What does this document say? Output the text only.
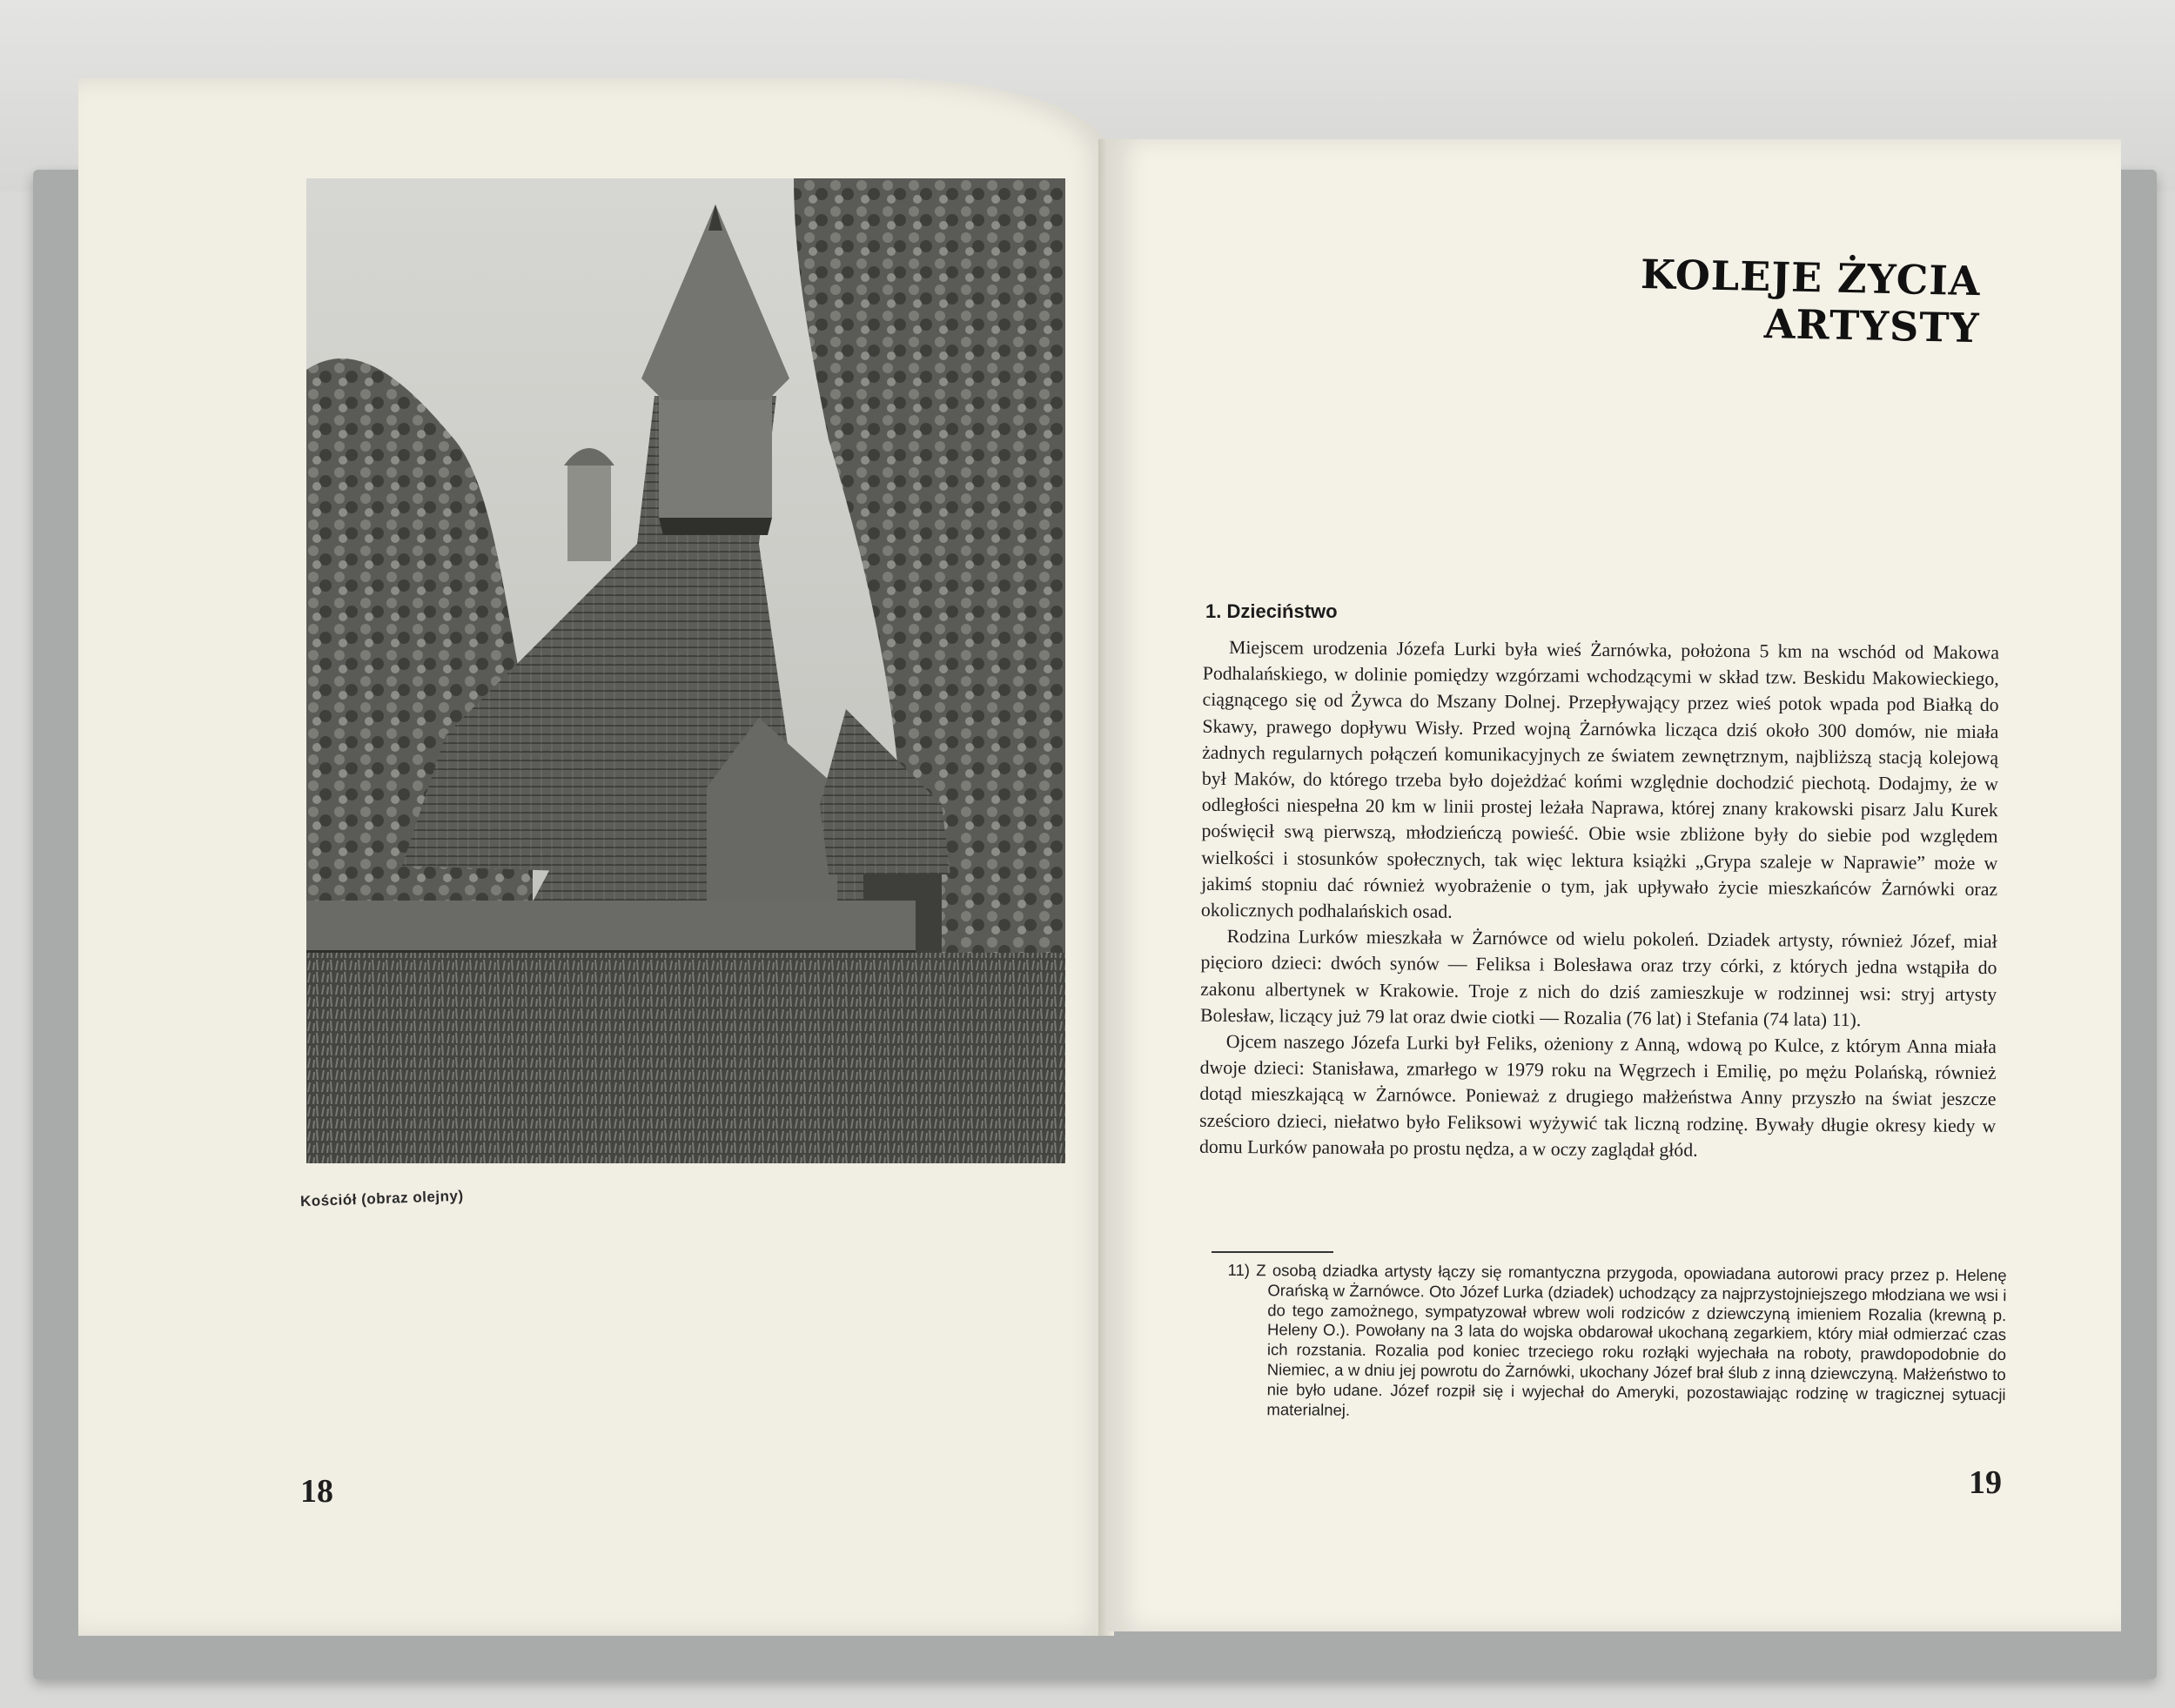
Kościół (obraz olejny)
18
KOLEJE ŻYCIA ARTYSTY
1. Dzieciństwo

Miejscem urodzenia Józefa Lurki była wieś Żarnówka, położona 5 km na wschód od Makowa Podhalańskiego, w dolinie pomiędzy wzgórzami wchodzącymi w skład tzw. Beskidu Makowieckiego, ciągnącego się od Żywca do Mszany Dolnej. Przepływający przez wieś potok wpada pod Białką do Skawy, prawego dopływu Wisły. Przed wojną Żarnówka licząca dziś około 300 domów, nie miała żadnych regularnych połączeń komunikacyjnych ze światem zewnętrznym, najbliższą stacją kolejową był Maków, do którego trzeba było dojeżdżać końmi względnie dochodzić piechotą. Dodajmy, że w odległości niespełna 20 km w linii prostej leżała Naprawa, której znany krakowski pisarz Jalu Kurek poświęcił swą pierwszą, młodzieńczą powieść. Obie wsie zbliżone były do siebie pod względem wielkości i stosunków społecznych, tak więc lektura książki „Grypa szaleje w Naprawie” może w jakimś stopniu dać również wyobrażenie o tym, jak upływało życie mieszkańców Żarnówki oraz okolicznych podhalańskich osad.

Rodzina Lurków mieszkała w Żarnówce od wielu pokoleń. Dziadek artysty, również Józef, miał pięcioro dzieci: dwóch synów — Feliksa i Bolesława oraz trzy córki, z których jedna wstąpiła do zakonu albertynek w Krakowie. Troje z nich do dziś zamieszkuje w rodzinnej wsi: stryj artysty Bolesław, liczący już 79 lat oraz dwie ciotki — Rozalia (76 lat) i Stefania (74 lata) 11).

Ojcem naszego Józefa Lurki był Feliks, ożeniony z Anną, wdową po Kulce, z którym Anna miała dwoje dzieci: Stanisława, zmarłego w 1979 roku na Węgrzech i Emilię, po mężu Polańską, również dotąd mieszkającą w Żarnówce. Ponieważ z drugiego małżeństwa Anny przyszło na świat jeszcze sześcioro dzieci, niełatwo było Feliksowi wyżywić tak liczną rodzinę. Bywały długie okresy kiedy w domu Lurków panowała po prostu nędza, a w oczy zaglądał głód.

11) Z osobą dziadka artysty łączy się romantyczna przygoda, opowiadana autorowi pracy przez p. Helenę Orańską w Żarnówce. Oto Józef Lurka (dziadek) uchodzący za najprzystojniejszego młodziana we wsi i do tego zamożnego, sympatyzował wbrew woli rodziców z dziewczyną imieniem Rozalia (krewną p. Heleny O.). Powołany na 3 lata do wojska obdarował ukochaną zegarkiem, który miał odmierzać czas ich rozstania. Rozalia pod koniec trzeciego roku rozłąki wyjechała na roboty, prawdopodobnie do Niemiec, a w dniu jej powrotu do Żarnówki, ukochany Józef brał ślub z inną dziewczyną. Małżeństwo to nie było udane. Józef rozpił się i wyjechał do Ameryki, pozostawiając rodzinę w tragicznej sytuacji materialnej.

19
